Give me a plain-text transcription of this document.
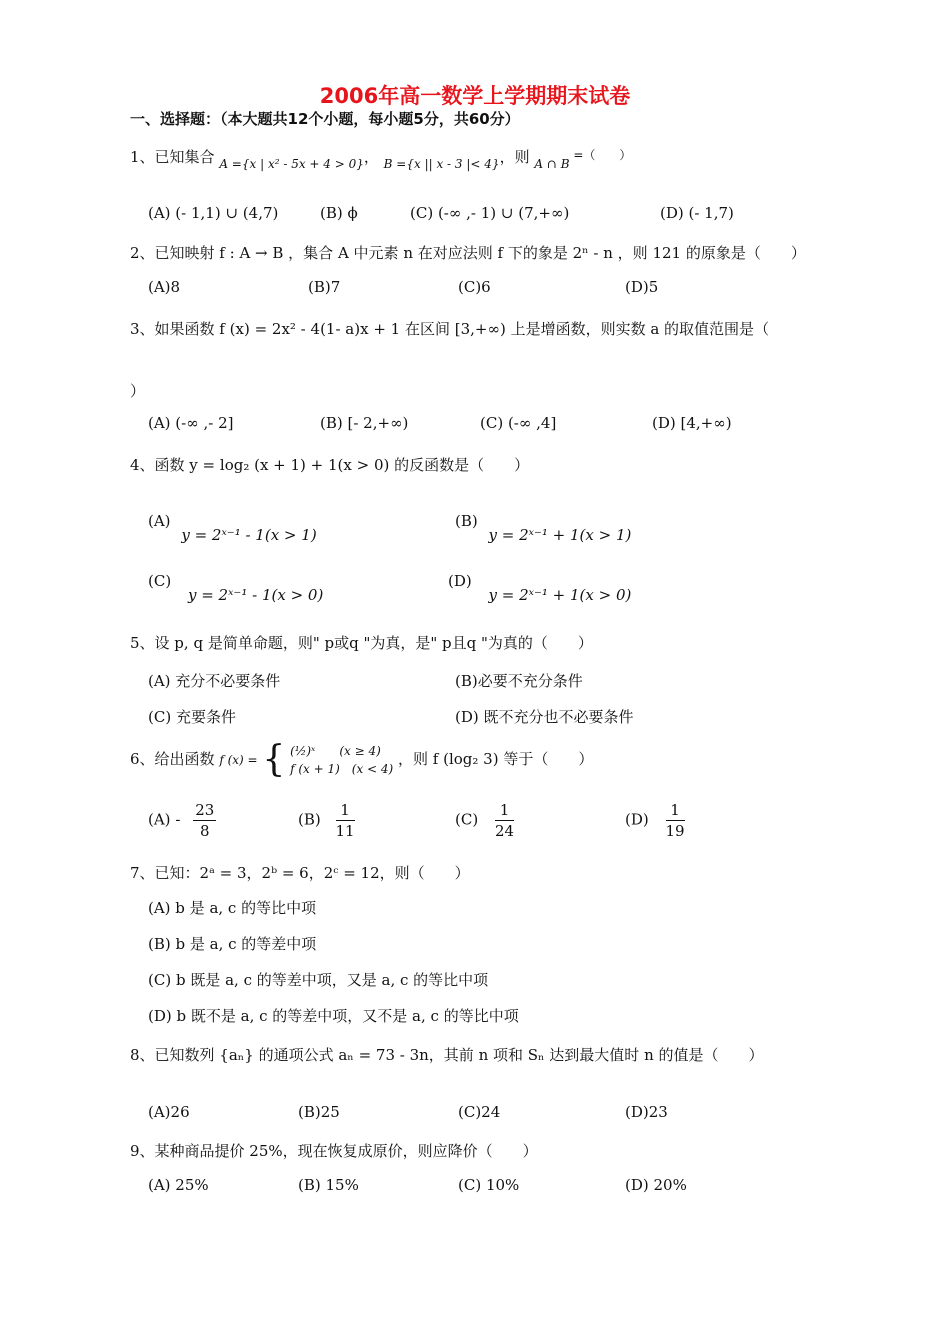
2006年高一数学上学期期末试卷
一、选择题：（本大题共12个小题，每小题5分，共60分）
1、已知集合 $_{A =\{x | x^2 - 5x + 4 > 0\}}$， $_{B =\{x || x - 3 |< 4\}}$，则 $_{A \cap B}$ =（　　）
(A) (- 1,1) ∪ (4,7)	(B) ϕ	(C) (-∞ ,- 1) ∪ (7,+∞)	(D) (- 1,7)
2、已知映射 f : A → B ，集合 A 中元素 n 在对应法则 f 下的象是 2ⁿ - n ，则 121 的原象是（　　）
(A)8	(B)7	(C)6	(D)5
3、如果函数 f (x) = 2x² - 4(1- a)x + 1 在区间 [3,+∞) 上是增函数，则实数 a 的取值范围是（
）
(A) (-∞ ,- 2]	(B) [- 2,+∞)	(C) (-∞ ,4]	(D) [4,+∞)
4、函数 y = log₂ (x + 1) + 1(x > 0) 的反函数是（　　）
(A) y = 2ˣ⁻¹ - 1(x > 1)
(B) y = 2ˣ⁻¹ + 1(x > 1)
(C) y = 2ˣ⁻¹ - 1(x > 0)
(D) y = 2ˣ⁻¹ + 1(x > 0)
5、设 p, q 是简单命题，则" p或q "为真，是" p且q "为真的（　　）
(A) 充分不必要条件	(B)必要不充分条件
(C) 充要条件	(D) 既不充分也不必要条件
6、给出函数 f (x) = { (½)ˣ　　(x ≥ 4)
f (x + 1)　(x < 4)
，则 f (log₂ 3) 等于（　　）
$(A) - \frac{23}{8}$	$(B) \frac{1}{11}$	$(C) \frac{1}{24}$	$(D) \frac{1}{19}$
7、已知：2ᵃ = 3，2ᵇ = 6，2ᶜ = 12，则（　　）
(A) b 是 a, c 的等比中项
(B) b 是 a, c 的等差中项
(C) b 既是 a, c 的等差中项，又是 a, c 的等比中项
(D) b 既不是 a, c 的等差中项，又不是 a, c 的等比中项
8、已知数列 {aₙ} 的通项公式 aₙ = 73 - 3n，其前 n 项和 Sₙ 达到最大值时 n 的值是（　　）
(A)26	(B)25	(C)24	(D)23
9、某种商品提价 25%，现在恢复成原价，则应降价（　　）
(A) 25%	(B) 15%	(C) 10%	(D) 20%
